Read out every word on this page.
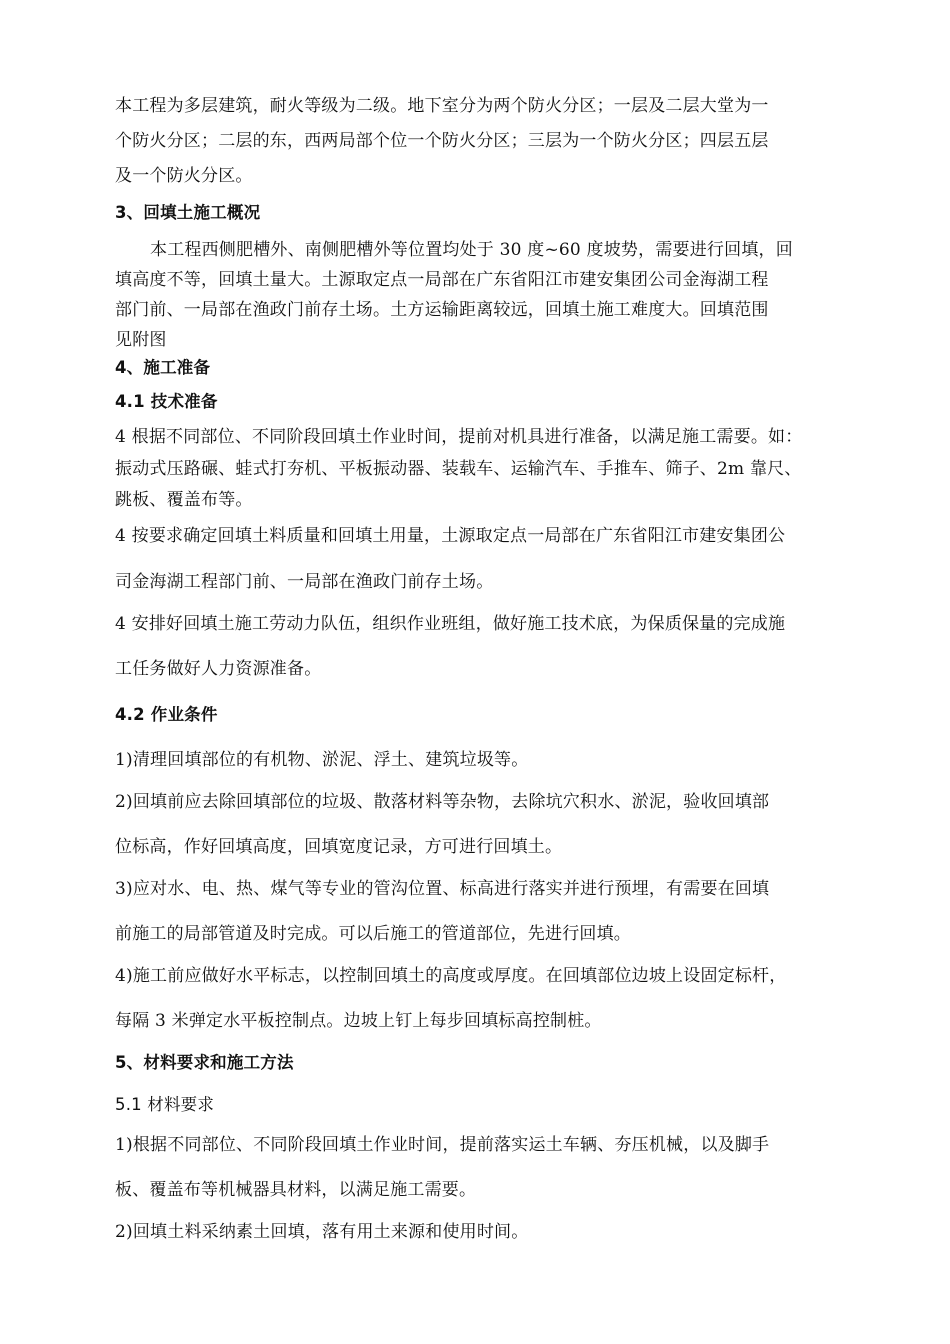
本工程为多层建筑，耐火等级为二级。地下室分为两个防火分区；一层及二层大堂为一
个防火分区；二层的东，西两局部个位一个防火分区；三层为一个防火分区；四层五层
及一个防火分区。
3、回填土施工概况
本工程西侧肥槽外、南侧肥槽外等位置均处于 30 度~60 度坡势，需要进行回填，回
填高度不等，回填土量大。土源取定点一局部在广东省阳江市建安集团公司金海湖工程
部门前、一局部在渔政门前存土场。土方运输距离较远，回填土施工难度大。回填范围
见附图
4、施工准备
4.1 技术准备
4 根据不同部位、不同阶段回填土作业时间，提前对机具进行准备，以满足施工需要。如：
振动式压路碾、蛙式打夯机、平板振动器、装载车、运输汽车、手推车、筛子、2m 靠尺、
跳板、覆盖布等。
4 按要求确定回填土料质量和回填土用量，土源取定点一局部在广东省阳江市建安集团公
司金海湖工程部门前、一局部在渔政门前存土场。
4 安排好回填土施工劳动力队伍，组织作业班组，做好施工技术底，为保质保量的完成施
工任务做好人力资源准备。
4.2 作业条件
1)清理回填部位的有机物、淤泥、浮土、建筑垃圾等。
2)回填前应去除回填部位的垃圾、散落材料等杂物，去除坑穴积水、淤泥，验收回填部
位标高，作好回填高度，回填宽度记录，方可进行回填土。
3)应对水、电、热、煤气等专业的管沟位置、标高进行落实并进行预埋，有需要在回填
前施工的局部管道及时完成。可以后施工的管道部位，先进行回填。
4)施工前应做好水平标志，以控制回填土的高度或厚度。在回填部位边坡上设固定标杆，
每隔 3 米弹定水平板控制点。边坡上钉上每步回填标高控制桩。
5、材料要求和施工方法
5.1 材料要求
1)根据不同部位、不同阶段回填土作业时间，提前落实运土车辆、夯压机械，以及脚手
板、覆盖布等机械器具材料，以满足施工需要。
2)回填土料采纳素土回填，落有用土来源和使用时间。
